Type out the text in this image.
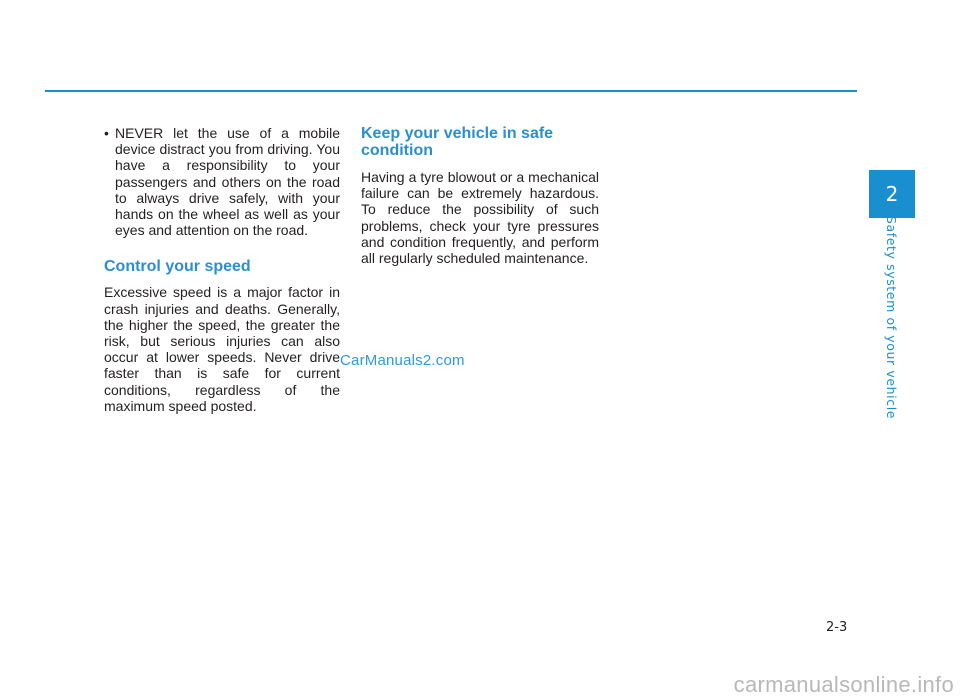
2
Safety system of your vehicle

• NEVER let the use of a mobile device distract you from driving. You have a responsibility to your passengers and others on the road to always drive safely, with your hands on the wheel as well as your eyes and attention on the road.

Control your speed

Excessive speed is a major factor in crash injuries and deaths. Generally, the higher the speed, the greater the risk, but serious injuries can also occur at lower speeds. Never drive faster than is safe for current conditions, regardless of the maximum speed posted.

Keep your vehicle in safe condition

Having a tyre blowout or a mechanical failure can be extremely hazardous. To reduce the possibility of such problems, check your tyre pressures and condition frequently, and perform all regularly scheduled maintenance.

CarManuals2.com
2-3
carmanualsonline.info
